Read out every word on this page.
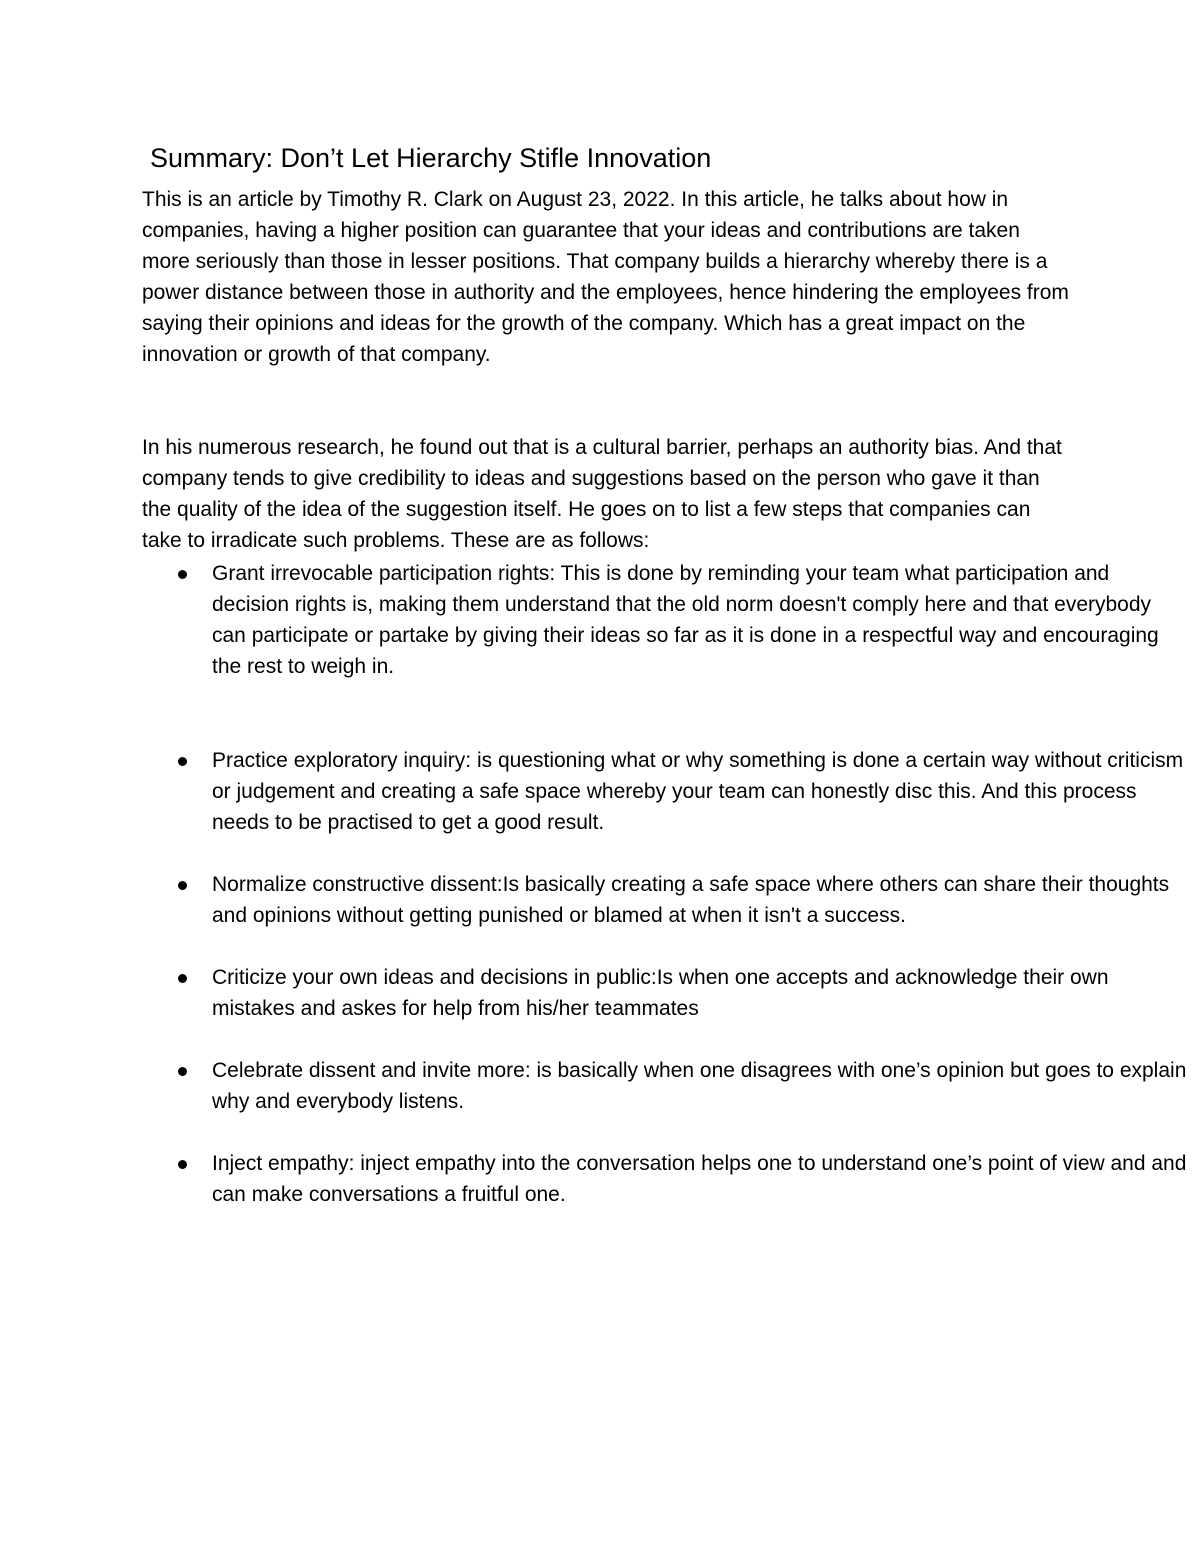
Summary: Don’t Let Hierarchy Stifle Innovation

This is an article by Timothy R. Clark on August 23, 2022. In this article, he talks about how in companies, having a higher position can guarantee that your ideas and contributions are taken more seriously than those in lesser positions. That company builds a hierarchy whereby there is a power distance between those in authority and the employees, hence hindering the employees from saying their opinions and ideas for the growth of the company. Which has a great impact on the innovation or growth of that company.

In his numerous research, he found out that is a cultural barrier, perhaps an authority bias. And that company tends to give credibility to ideas and suggestions based on the person who gave it than the quality of the idea of the suggestion itself. He goes on to list a few steps that companies can take to irradicate such problems. These are as follows:

Grant irrevocable participation rights: This is done by reminding your team what participation and decision rights is, making them understand that the old norm doesn't comply here and that everybody can participate or partake by giving their ideas so far as it is done in a respectful way and encouraging the rest to weigh in.
Practice exploratory inquiry: is questioning what or why something is done a certain way without criticism or judgement and creating a safe space whereby your team can honestly disc this. And this process needs to be practised to get a good result.
Normalize constructive dissent:Is basically creating a safe space where others can share their thoughts and opinions without getting punished or blamed at when it isn't a success.
Criticize your own ideas and decisions in public:Is when one accepts and acknowledge their own mistakes and askes for help from his/her teammates
Celebrate dissent and invite more: is basically when one disagrees with one’s opinion but goes to explain why and everybody listens.
Inject empathy: inject empathy into the conversation helps one to understand one’s point of view and and can make conversations a fruitful one.
